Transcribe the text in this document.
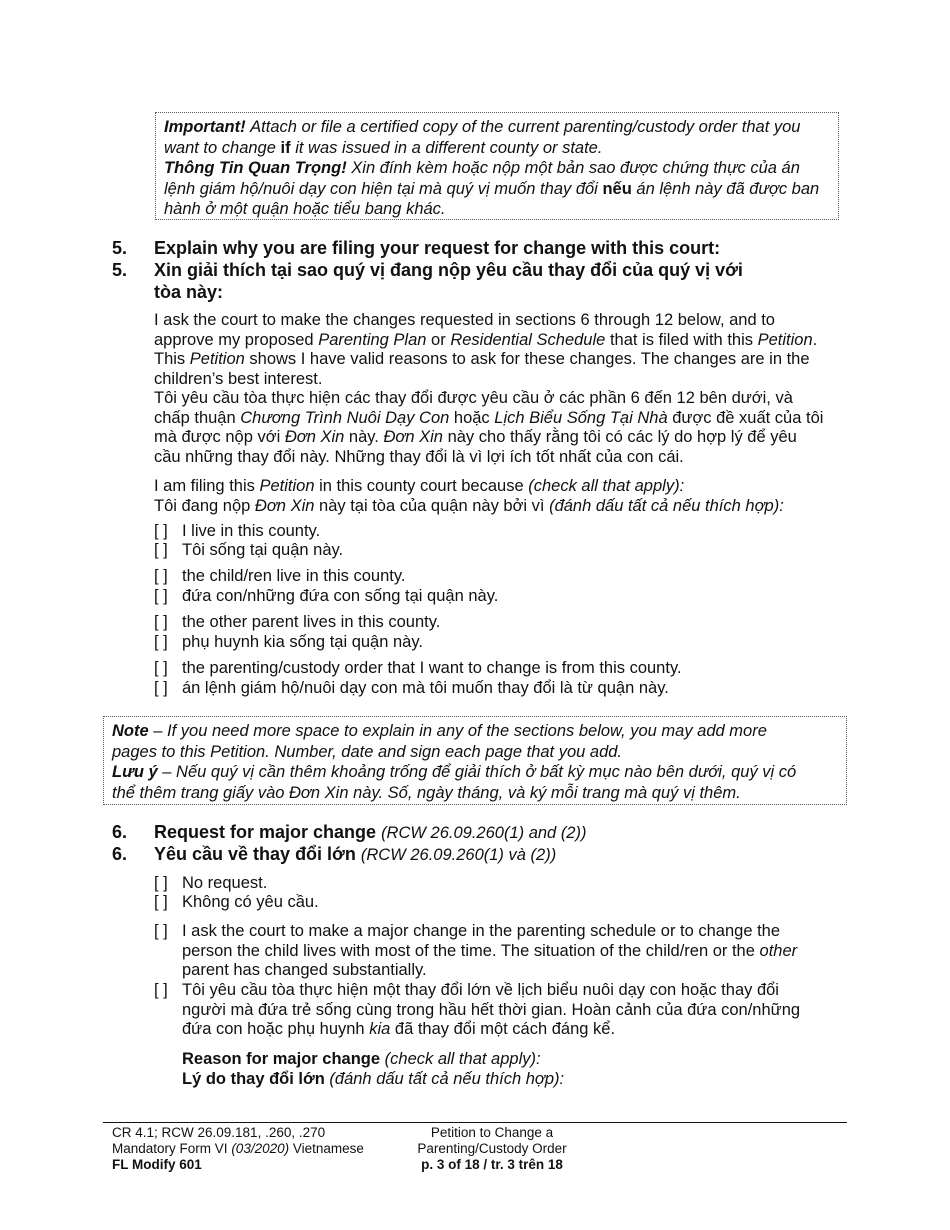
Important! Attach or file a certified copy of the current parenting/custody order that you
want to change if it was issued in a different county or state.
Thông Tin Quan Trọng! Xin đính kèm hoặc nộp một bản sao được chứng thực của án
lệnh giám hộ/nuôi dạy con hiện tại mà quý vị muốn thay đổi nếu án lệnh này đã được ban
hành ở một quận hoặc tiểu bang khác.
5. Explain why you are filing your request for change with this court:
5. Xin giải thích tại sao quý vị đang nộp yêu cầu thay đổi của quý vị với
tòa này:
I ask the court to make the changes requested in sections 6 through 12 below, and to
approve my proposed Parenting Plan or Residential Schedule that is filed with this Petition.
This Petition shows I have valid reasons to ask for these changes. The changes are in the
children’s best interest.
Tôi yêu cầu tòa thực hiện các thay đổi được yêu cầu ở các phần 6 đến 12 bên dưới, và
chấp thuận Chương Trình Nuôi Dạy Con hoặc Lịch Biểu Sống Tại Nhà được đề xuất của tôi
mà được nộp với Đơn Xin này. Đơn Xin này cho thấy rằng tôi có các lý do hợp lý để yêu
cầu những thay đổi này. Những thay đổi là vì lợi ích tốt nhất của con cái.
I am filing this Petition in this county court because (check all that apply):
Tôi đang nộp Đơn Xin này tại tòa của quận này bởi vì (đánh dấu tất cả nếu thích hợp):
[ ] I live in this county.
[ ] Tôi sống tại quận này.
[ ] the child/ren live in this county.
[ ] đứa con/những đứa con sống tại quận này.
[ ] the other parent lives in this county.
[ ] phụ huynh kia sống tại quận này.
[ ] the parenting/custody order that I want to change is from this county.
[ ] án lệnh giám hộ/nuôi dạy con mà tôi muốn thay đổi là từ quận này.
Note – If you need more space to explain in any of the sections below, you may add more
pages to this Petition. Number, date and sign each page that you add.
Lưu ý – Nếu quý vị cần thêm khoảng trống để giải thích ở bất kỳ mục nào bên dưới, quý vị có
thể thêm trang giấy vào Đơn Xin này. Số, ngày tháng, và ký mỗi trang mà quý vị thêm.
6. Request for major change (RCW 26.09.260(1) and (2))
6. Yêu cầu về thay đổi lớn (RCW 26.09.260(1) và (2))
[ ] No request.
[ ] Không có yêu cầu.
[ ] I ask the court to make a major change in the parenting schedule or to change the
person the child lives with most of the time. The situation of the child/ren or the other
parent has changed substantially.
[ ] Tôi yêu cầu tòa thực hiện một thay đổi lớn về lịch biểu nuôi dạy con hoặc thay đổi
người mà đứa trẻ sống cùng trong hầu hết thời gian. Hoàn cảnh của đứa con/những
đứa con hoặc phụ huynh kia đã thay đổi một cách đáng kể.
Reason for major change (check all that apply):
Lý do thay đổi lớn (đánh dấu tất cả nếu thích hợp):
CR 4.1; RCW 26.09.181, .260, .270
Mandatory Form VI (03/2020) Vietnamese
FL Modify 601
Petition to Change a
Parenting/Custody Order
p. 3 of 18 / tr. 3 trên 18
